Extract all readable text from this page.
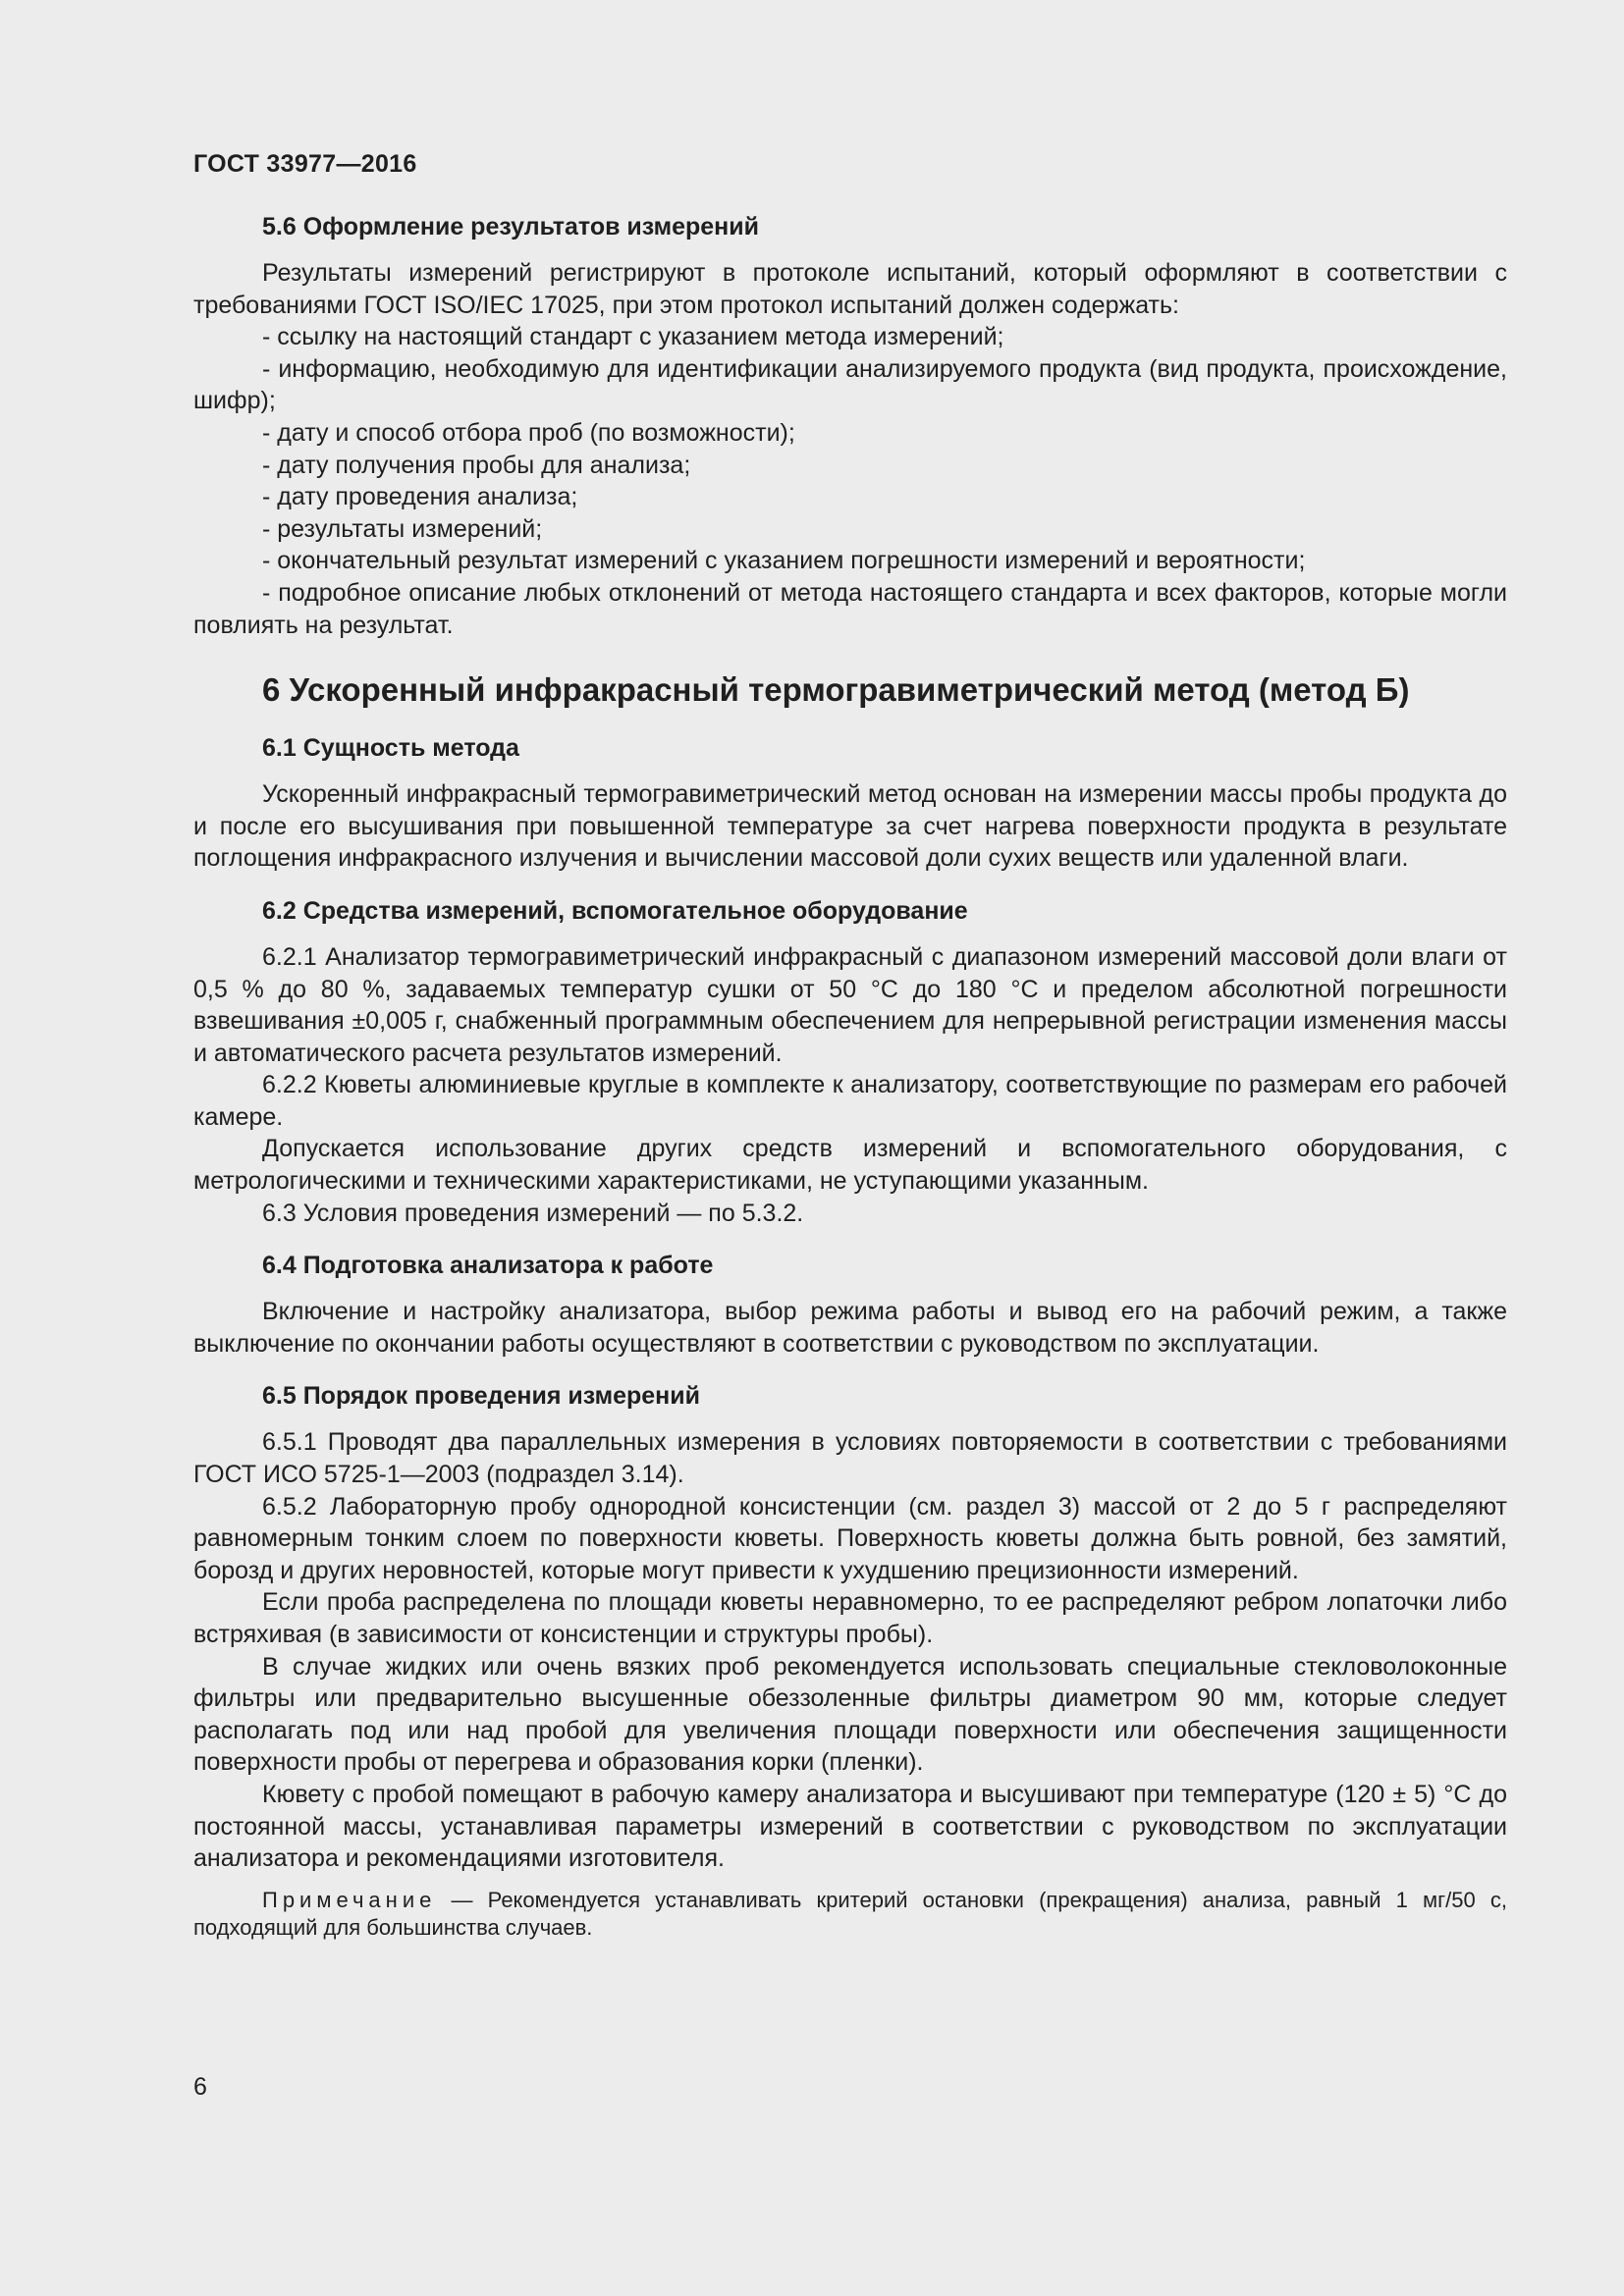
ГОСТ 33977—2016
5.6 Оформление результатов измерений

Результаты измерений регистрируют в протоколе испытаний, который оформляют в соответствии с требованиями ГОСТ ISO/IEC 17025, при этом протокол испытаний должен содержать:

- ссылку на настоящий стандарт с указанием метода измерений;
- информацию, необходимую для идентификации анализируемого продукта (вид продукта, происхождение, шифр);
- дату и способ отбора проб (по возможности);
- дату получения пробы для анализа;
- дату проведения анализа;
- результаты измерений;
- окончательный результат измерений с указанием погрешности измерений и вероятности;
- подробное описание любых отклонений от метода настоящего стандарта и всех факторов, которые могли повлиять на результат.
6 Ускоренный инфракрасный термогравиметрический метод (метод Б)
6.1 Сущность метода

Ускоренный инфракрасный термогравиметрический метод основан на измерении массы пробы продукта до и после его высушивания при повышенной температуре за счет нагрева поверхности продукта в результате поглощения инфракрасного излучения и вычислении массовой доли сухих веществ или удаленной влаги.

6.2 Средства измерений, вспомогательное оборудование

6.2.1 Анализатор термогравиметрический инфракрасный с диапазоном измерений массовой доли влаги от 0,5 % до 80 %, задаваемых температур сушки от 50 °С до 180 °С и пределом абсолютной погрешности взвешивания ±0,005 г, снабженный программным обеспечением для непрерывной регистрации изменения массы и автоматического расчета результатов измерений.

6.2.2 Кюветы алюминиевые круглые в комплекте к анализатору, соответствующие по размерам его рабочей камере.

Допускается использование других средств измерений и вспомогательного оборудования, с метрологическими и техническими характеристиками, не уступающими указанным.

6.3 Условия проведения измерений — по 5.3.2.

6.4 Подготовка анализатора к работе

Включение и настройку анализатора, выбор режима работы и вывод его на рабочий режим, а также выключение по окончании работы осуществляют в соответствии с руководством по эксплуатации.

6.5 Порядок проведения измерений

6.5.1 Проводят два параллельных измерения в условиях повторяемости в соответствии с требованиями ГОСТ ИСО 5725-1—2003 (подраздел 3.14).

6.5.2 Лабораторную пробу однородной консистенции (см. раздел 3) массой от 2 до 5 г распределяют равномерным тонким слоем по поверхности кюветы. Поверхность кюветы должна быть ровной, без замятий, борозд и других неровностей, которые могут привести к ухудшению прецизионности измерений.

Если проба распределена по площади кюветы неравномерно, то ее распределяют ребром лопаточки либо встряхивая (в зависимости от консистенции и структуры пробы).

В случае жидких или очень вязких проб рекомендуется использовать специальные стекловолоконные фильтры или предварительно высушенные обеззоленные фильтры диаметром 90 мм, которые следует располагать под или над пробой для увеличения площади поверхности или обеспечения защищенности поверхности пробы от перегрева и образования корки (пленки).

Кювету с пробой помещают в рабочую камеру анализатора и высушивают при температуре (120 ± 5) °С до постоянной массы, устанавливая параметры измерений в соответствии с руководством по эксплуатации анализатора и рекомендациями изготовителя.

Примечание — Рекомендуется устанавливать критерий остановки (прекращения) анализа, равный 1 мг/50 с, подходящий для большинства случаев.
6
